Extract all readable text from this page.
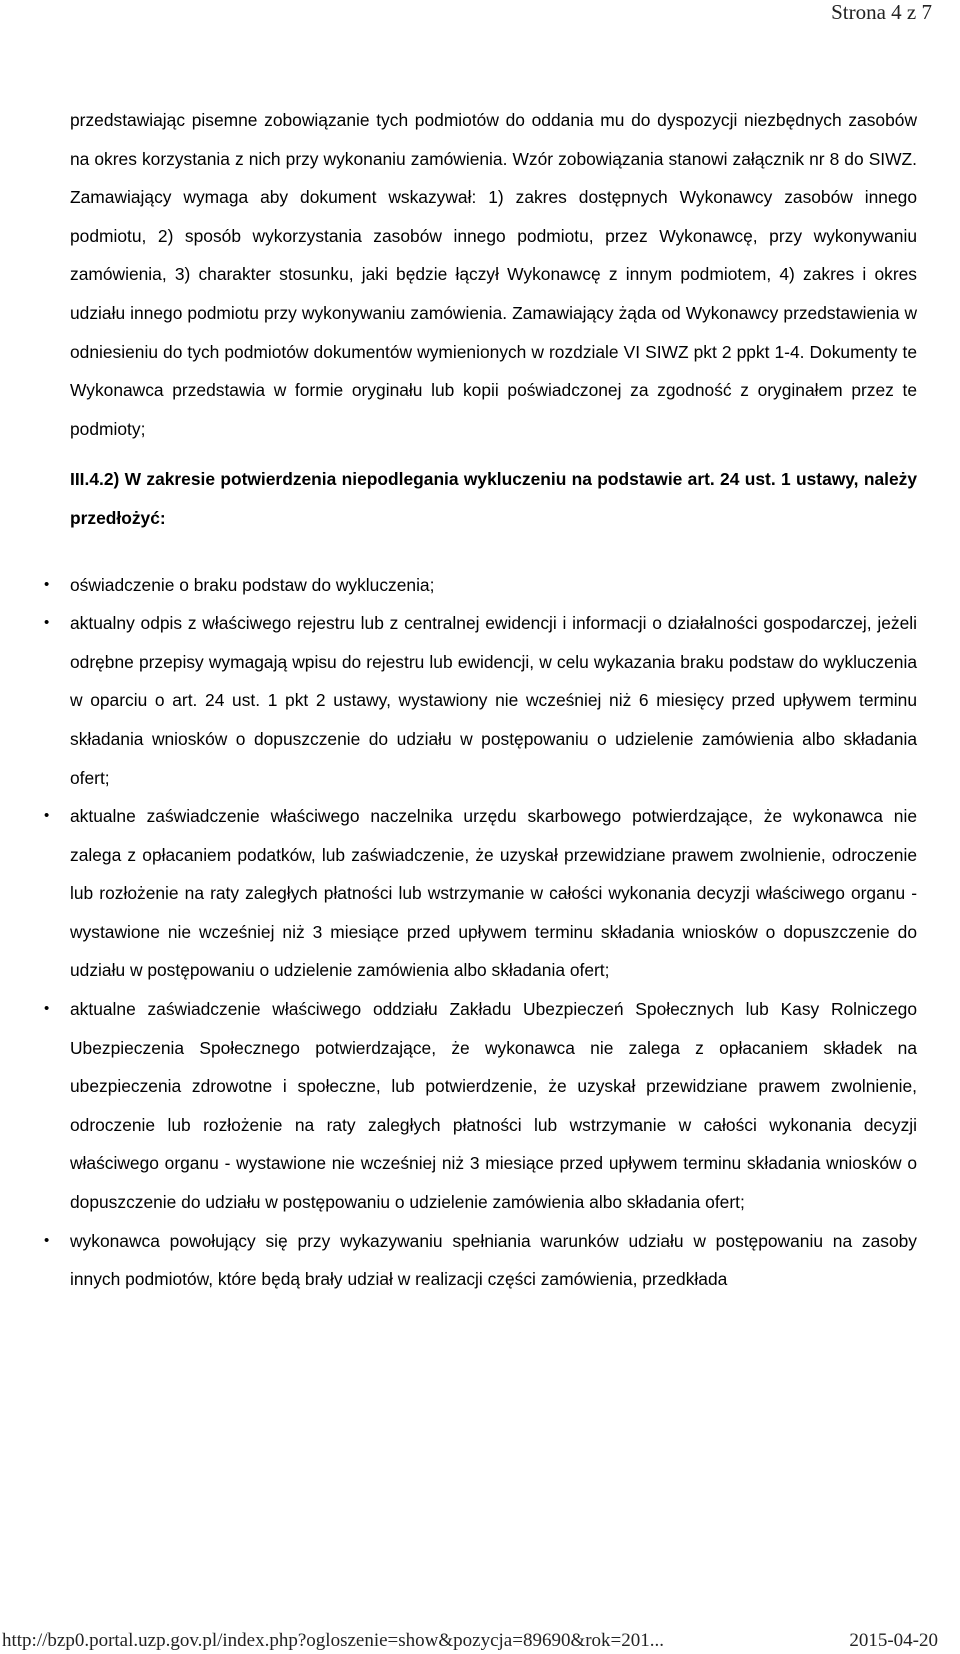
Strona 4 z 7

przedstawiając pisemne zobowiązanie tych podmiotów do oddania mu do dyspozycji niezbędnych zasobów na okres korzystania z nich przy wykonaniu zamówienia. Wzór zobowiązania stanowi załącznik nr 8 do SIWZ. Zamawiający wymaga aby dokument wskazywał: 1) zakres dostępnych Wykonawcy zasobów innego podmiotu, 2) sposób wykorzystania zasobów innego podmiotu, przez Wykonawcę, przy wykonywaniu zamówienia, 3) charakter stosunku, jaki będzie łączył Wykonawcę z innym podmiotem, 4) zakres i okres udziału innego podmiotu przy wykonywaniu zamówienia. Zamawiający żąda od Wykonawcy przedstawienia w odniesieniu do tych podmiotów dokumentów wymienionych w rozdziale VI SIWZ pkt 2 ppkt 1-4. Dokumenty te Wykonawca przedstawia w formie oryginału lub kopii poświadczonej za zgodność z oryginałem przez te podmioty;

III.4.2) W zakresie potwierdzenia niepodlegania wykluczeniu na podstawie art. 24 ust. 1 ustawy, należy przedłożyć:

• oświadczenie o braku podstaw do wykluczenia;
• aktualny odpis z właściwego rejestru lub z centralnej ewidencji i informacji o działalności gospodarczej, jeżeli odrębne przepisy wymagają wpisu do rejestru lub ewidencji, w celu wykazania braku podstaw do wykluczenia w oparciu o art. 24 ust. 1 pkt 2 ustawy, wystawiony nie wcześniej niż 6 miesięcy przed upływem terminu składania wniosków o dopuszczenie do udziału w postępowaniu o udzielenie zamówienia albo składania ofert;
• aktualne zaświadczenie właściwego naczelnika urzędu skarbowego potwierdzające, że wykonawca nie zalega z opłacaniem podatków, lub zaświadczenie, że uzyskał przewidziane prawem zwolnienie, odroczenie lub rozłożenie na raty zaległych płatności lub wstrzymanie w całości wykonania decyzji właściwego organu - wystawione nie wcześniej niż 3 miesiące przed upływem terminu składania wniosków o dopuszczenie do udziału w postępowaniu o udzielenie zamówienia albo składania ofert;
• aktualne zaświadczenie właściwego oddziału Zakładu Ubezpieczeń Społecznych lub Kasy Rolniczego Ubezpieczenia Społecznego potwierdzające, że wykonawca nie zalega z opłacaniem składek na ubezpieczenia zdrowotne i społeczne, lub potwierdzenie, że uzyskał przewidziane prawem zwolnienie, odroczenie lub rozłożenie na raty zaległych płatności lub wstrzymanie w całości wykonania decyzji właściwego organu - wystawione nie wcześniej niż 3 miesiące przed upływem terminu składania wniosków o dopuszczenie do udziału w postępowaniu o udzielenie zamówienia albo składania ofert;
• wykonawca powołujący się przy wykazywaniu spełniania warunków udziału w postępowaniu na zasoby innych podmiotów, które będą brały udział w realizacji części zamówienia, przedkłada
http://bzp0.portal.uzp.gov.pl/index.php?ogloszenie=show&pozycja=89690&rok=201...	2015-04-20
